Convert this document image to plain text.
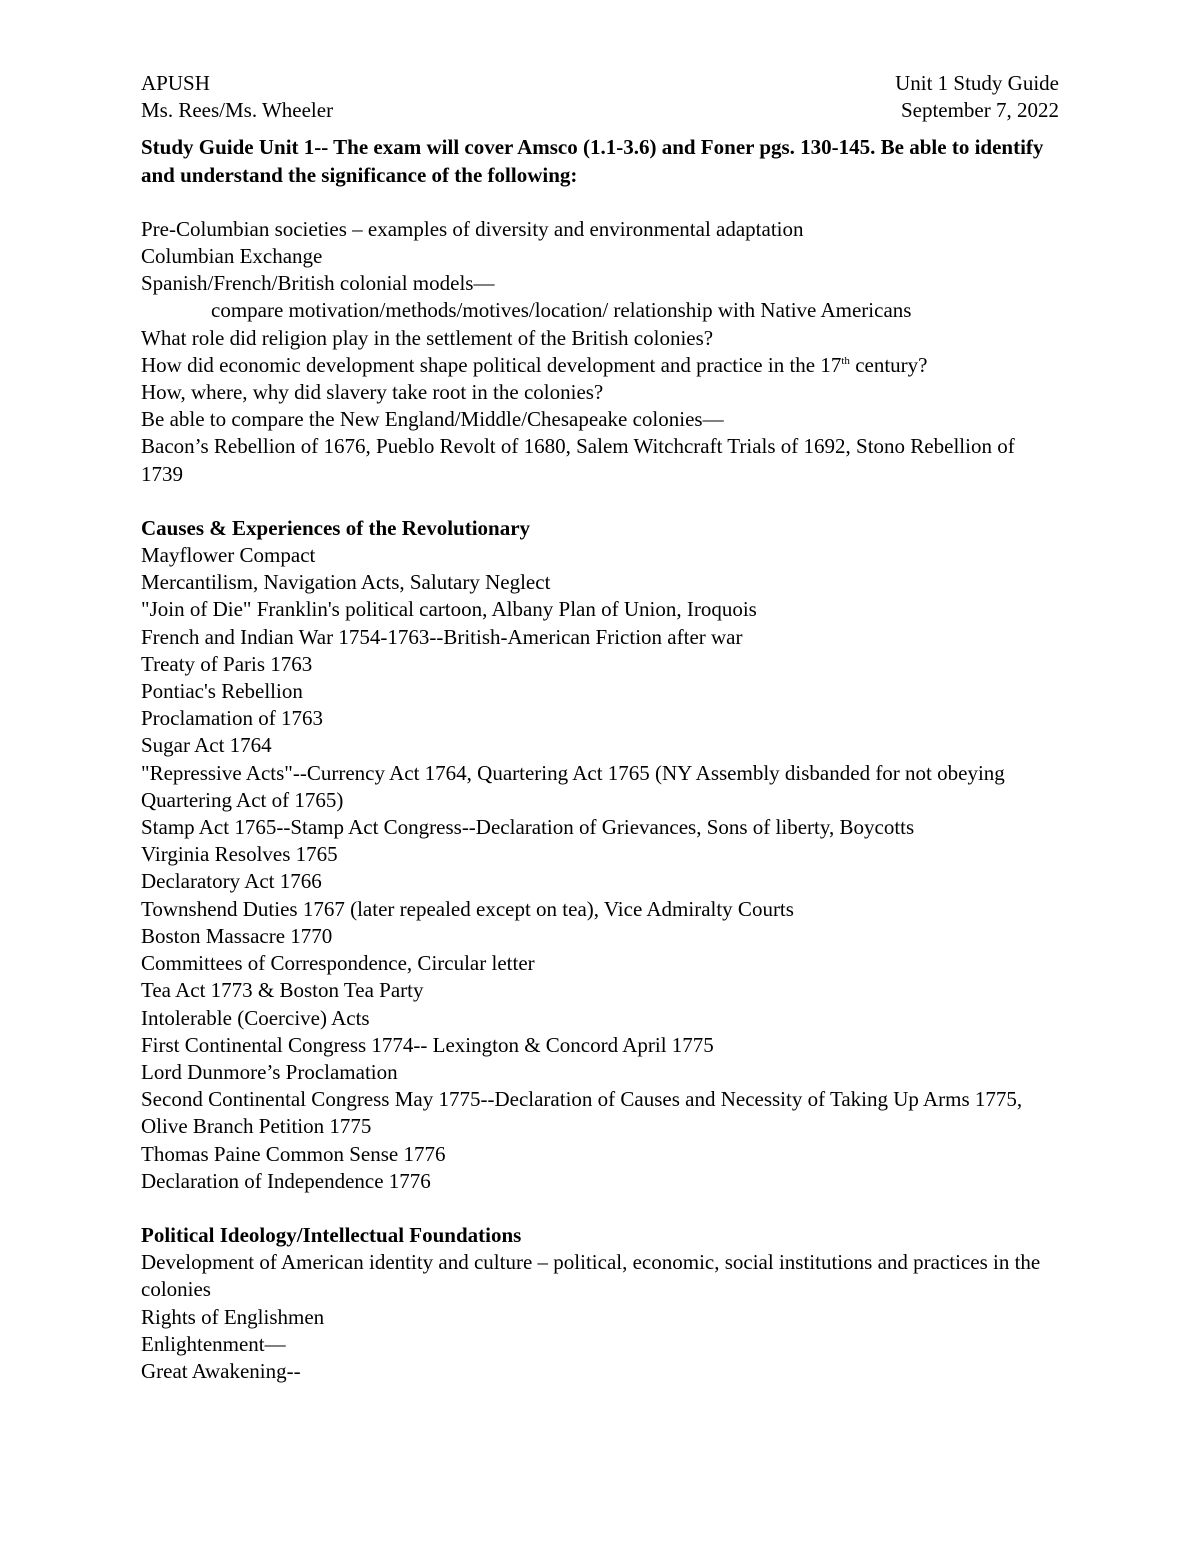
APUSH	Unit 1 Study Guide
Ms. Rees/Ms. Wheeler	September 7, 2022

Study Guide Unit 1-- The exam will cover Amsco (1.1-3.6) and Foner pgs. 130-145. Be able to identify and understand the significance of the following:

Pre-Columbian societies – examples of diversity and environmental adaptation

Columbian Exchange

Spanish/French/British colonial models—

compare motivation/methods/motives/location/ relationship with Native Americans

What role did religion play in the settlement of the British colonies?

How did economic development shape political development and practice in the 17th century?

How, where, why did slavery take root in the colonies?

Be able to compare the New England/Middle/Chesapeake colonies—

Bacon’s Rebellion of 1676, Pueblo Revolt of 1680, Salem Witchcraft Trials of 1692, Stono Rebellion of 1739

Causes & Experiences of the Revolutionary

Mayflower Compact

Mercantilism, Navigation Acts, Salutary Neglect

"Join of Die" Franklin's political cartoon, Albany Plan of Union, Iroquois

French and Indian War 1754-1763--British-American Friction after war

Treaty of Paris 1763

Pontiac's Rebellion

Proclamation of 1763

Sugar Act 1764

"Repressive Acts"--Currency Act 1764, Quartering Act 1765 (NY Assembly disbanded for not obeying Quartering Act of 1765)

Stamp Act 1765--Stamp Act Congress--Declaration of Grievances, Sons of liberty, Boycotts

Virginia Resolves 1765

Declaratory Act 1766

Townshend Duties 1767 (later repealed except on tea), Vice Admiralty Courts

Boston Massacre 1770

Committees of Correspondence, Circular letter

Tea Act 1773 & Boston Tea Party

Intolerable (Coercive) Acts

First Continental Congress 1774-- Lexington & Concord April 1775

Lord Dunmore’s Proclamation

Second Continental Congress May 1775--Declaration of Causes and Necessity of Taking Up Arms 1775, Olive Branch Petition 1775

Thomas Paine Common Sense 1776

Declaration of Independence 1776

Political Ideology/Intellectual Foundations

Development of American identity and culture – political, economic, social institutions and practices in the colonies

Rights of Englishmen

Enlightenment—

Great Awakening--
